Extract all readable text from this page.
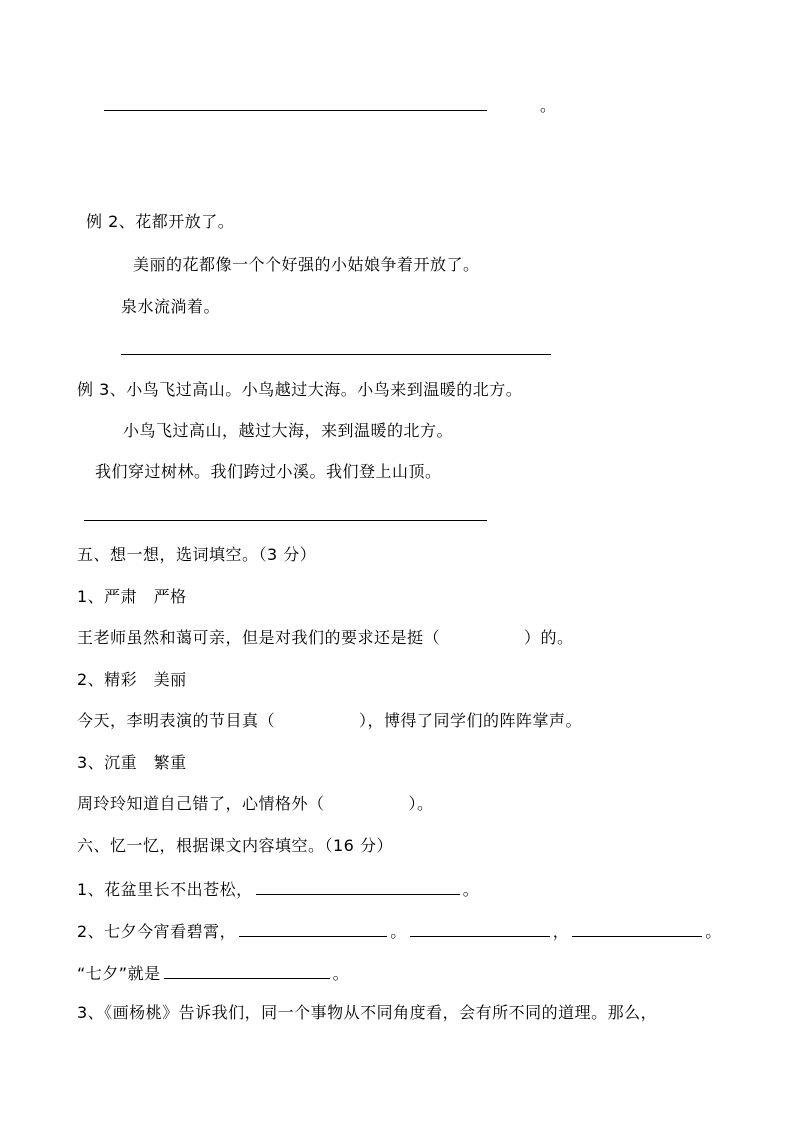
。
例 2、花都开放了。
美丽的花都像一个个好强的小姑娘争着开放了。
泉水流淌着。
例 3、小鸟飞过高山。小鸟越过大海。小鸟来到温暖的北方。
小鸟飞过高山，越过大海，来到温暖的北方。
我们穿过树林。我们跨过小溪。我们登上山顶。
五、想一想，选词填空。（3 分）
1、严肃　严格
王老师虽然和蔼可亲，但是对我们的要求还是挺（	）的。
2、精彩　美丽
今天，李明表演的节目真（	），博得了同学们的阵阵掌声。
3、沉重　繁重
周玲玲知道自己错了，心情格外（	）。
六、忆一忆，根据课文内容填空。（16 分）
1、花盆里长不出苍松，	。
2、七夕今宵看碧霄，	。	，	。
“七夕”就是	。
3、《画杨桃》告诉我们，同一个事物从不同角度看，会有所不同的道理。那么，
